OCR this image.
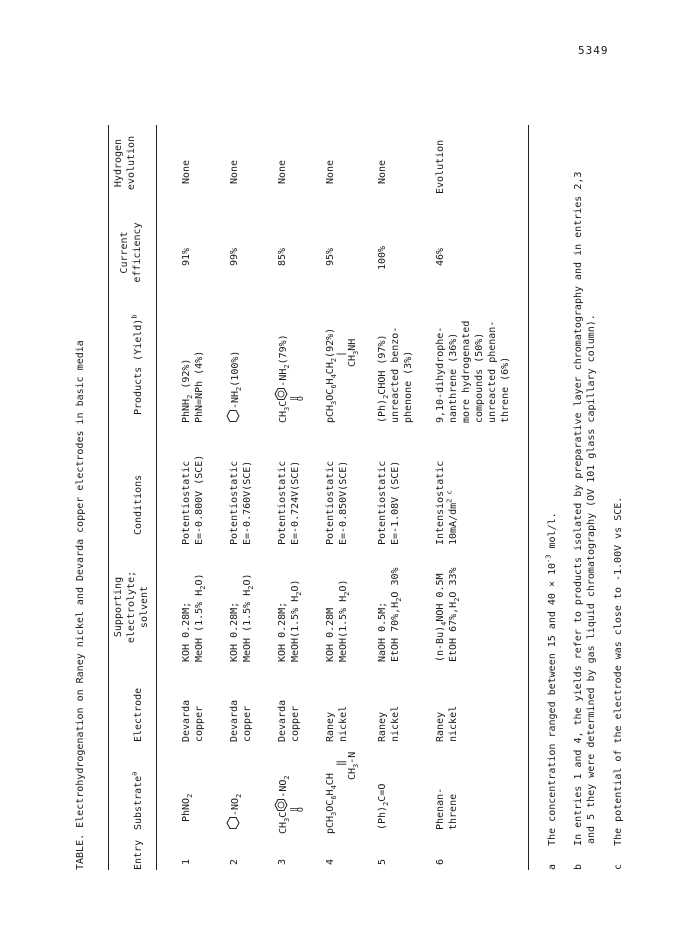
5349
TABLE. Electrohydrogenation on Raney nickel and Devarda copper electrodes in basic media	Entry
Substrate$^a$
Electrode
Supporting electrolyte; solvent
Conditions
Products (Yield)$^b$
Current efficiency
Hydrogen evolution
1
PhNO$_2$
Devarda copper
KOH 0.28M; MeOH (1.5% $H_2O$)
Potentiostatic E=-0.800V (SCE)
PhNH$_2$ (92%) PhN=NPh (4%)
91%
None
2
$-NO_2$
Devarda copper
KOH 0.28M; MeOH (1.5% $H_2O$)
Potentiostatic E=-0.760V(SCE)
$-NH_2(100\%)$
99%
None
3
$CH_3C-NO_2$
‖
O
Devarda copper
KOH 0.28M; MeOH(1.5% $H_2O$)
Potentiostatic E=-0.724V(SCE)
$CH_3C-NH_2(79\%)$
‖
O
85%
None
4
$pCH_3OC_6H_4CH$
‖
$CH_3-N$
Raney nickel
KOH 0.28M MeOH(1.5% $H_2O$)
Potentiostatic E=-0.850V(SCE)
$pCH_3OC_6H_4CH_2(92\%)$ |
$CH_3NH$
95%
None
5
$(Ph)_2C=O$
Raney nickel
NaOH 0.5M; EtOH $70\%,H_2O$ 30%
Potentiostatic E=-1.08V (SCE)
$(Ph)_2CHOH$ (97%) unreacted benzo- phenone (3%)
100%
None
6
Phenan- threne
Raney nickel
$(n-Bu)_4NOH$ 0.5M
EtOH $67\%,H_2O$ 33%
Intensiostatic $10mA/dm^{2 c}$
9,10-dihydrophe- nanthrene (36%) more hydrogenated compounds (50%) unreacted phenan- threne (6%)
46%
Evolution
a   The concentration ranged between 15 and $40 \times 10^{-3}$ mol/l.
b   In entries 1 and 4, the yields refer to products isolated by preparative layer chromatography and in entries 2,3 and 5 they were determined by gas liquid chromatography (OV 101 glass capillary column).
c   The potential of the electrode was close to -1.00V vs SCE.
